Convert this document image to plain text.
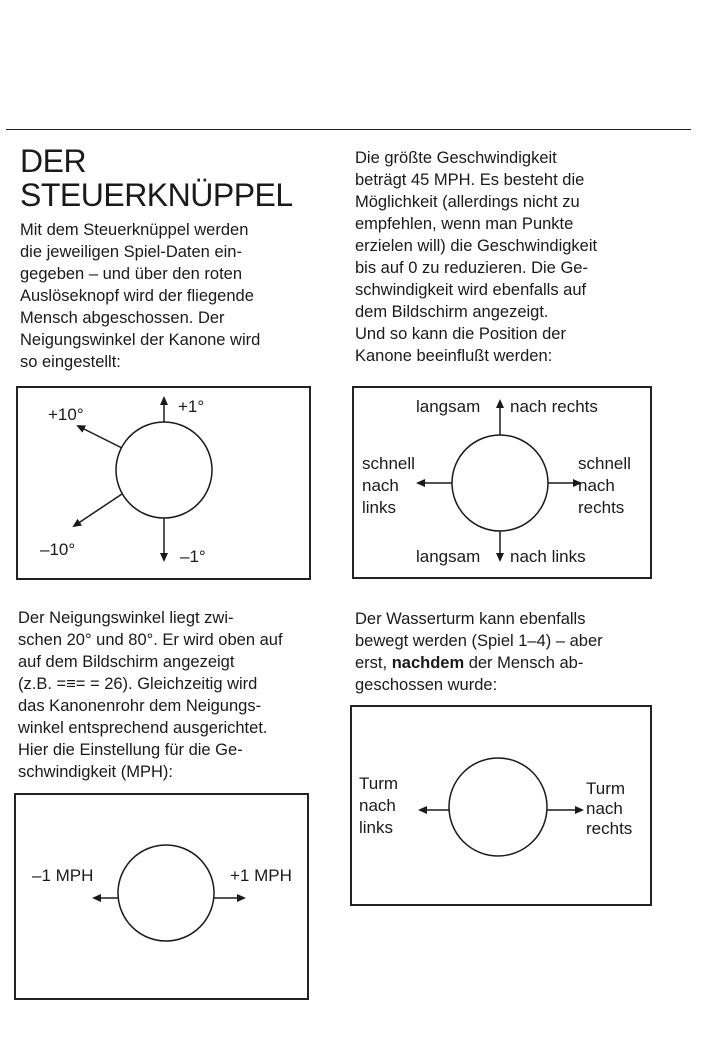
DER
STEUERKNÜPPEL

Mit dem Steuerknüppel werden
die jeweiligen Spiel-Daten ein-
gegeben – und über den roten
Auslöseknopf wird der fliegende
Mensch abgeschossen. Der
Neigungswinkel der Kanone wird
so eingestellt:

+10°	+1°
–10°	–1°

Der Neigungswinkel liegt zwi-
schen 20° und 80°. Er wird oben auf
auf dem Bildschirm angezeigt
(z.B. =≡= = 26). Gleichzeitig wird
das Kanonenrohr dem Neigungs-
winkel entsprechend ausgerichtet.
Hier die Einstellung für die Ge-
schwindigkeit (MPH):

–1 MPH	+1 MPH

Die größte Geschwindigkeit
beträgt 45 MPH. Es besteht die
Möglichkeit (allerdings nicht zu
empfehlen, wenn man Punkte
erzielen will) die Geschwindigkeit
bis auf 0 zu reduzieren. Die Ge-
schwindigkeit wird ebenfalls auf
dem Bildschirm angezeigt.
Und so kann die Position der
Kanone beeinflußt werden:

langsam nach rechts
schnell
nach
links
schnell
nach
rechts
langsam nach links

Der Wasserturm kann ebenfalls
bewegt werden (Spiel 1–4) – aber
erst, nachdem der Mensch ab-
geschossen wurde:

Turm
nach
links
Turm
nach
rechts
